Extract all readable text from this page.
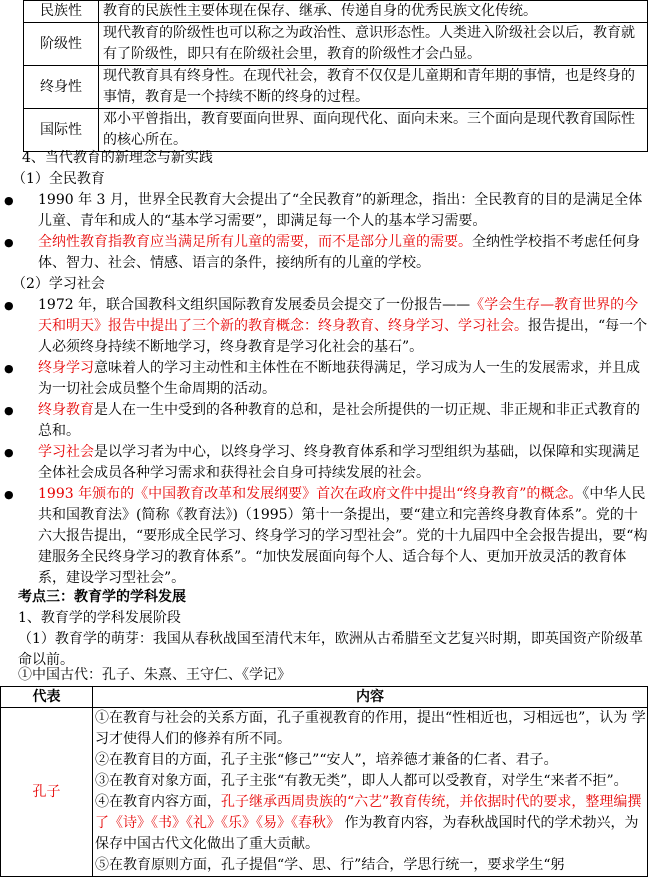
民族性	教育的民族性主要体现在保存、继承、传递自身的优秀民族文化传统。
阶级性	现代教育的阶级性也可以称之为政治性、意识形态性。人类进入阶级社会以后，教育就有了阶级性，即只有在阶级社会里，教育的阶级性才会凸显。
终身性	现代教育具有终身性。在现代社会，教育不仅仅是儿童期和青年期的事情，也是终身的事情，教育是一个持续不断的终身的过程。
国际性	邓小平曾指出，教育要面向世界、面向现代化、面向未来。三个面向是现代教育国际性的核心所在。
4、当代教育的新理念与新实践
（1）全民教育
●	1990 年 3 月，世界全民教育大会提出了“全民教育”的新理念，指出：全民教育的目的是满足全体儿童、青年和成人的“基本学习需要”，即满足每一个人的基本学习需要。
●	全纳性教育指教育应当满足所有儿童的需要，而不是部分儿童的需要。全纳性学校指不考虑任何身体、智力、社会、情感、语言的条件，接纳所有的儿童的学校。
（2）学习社会
●	1972 年，联合国教科文组织国际教育发展委员会提交了一份报告——《学会生存—教育世界的今天和明天》报告中提出了三个新的教育概念：终身教育、终身学习、学习社会。报告提出，“每一个人必须终身持续不断地学习，终身教育是学习化社会的基石”。
●	终身学习意味着人的学习主动性和主体性在不断地获得满足，学习成为人一生的发展需求，并且成为一切社会成员整个生命周期的活动。
●	终身教育是人在一生中受到的各种教育的总和，是社会所提供的一切正规、非正规和非正式教育的总和。
●	学习社会是以学习者为中心，以终身学习、终身教育体系和学习型组织为基础，以保障和实现满足全体社会成员各种学习需求和获得社会自身可持续发展的社会。
●	1993 年颁布的《中国教育改革和发展纲要》首次在政府文件中提出“终身教育”的概念。《中华人民共和国教育法》(简称《教育法》)（1995）第十一条提出，要“建立和完善终身教育体系”。党的十六大报告提出，“要形成全民学习、终身学习的学习型社会”。党的十九届四中全会报告提出，要“构建服务全民终身学习的教育体系”。“加快发展面向每个人、适合每个人、更加开放灵活的教育体系，建设学习型社会”。
考点三：教育学的学科发展
1、教育学的学科发展阶段
（1）教育学的萌芽：我国从春秋战国至清代末年，欧洲从古希腊至文艺复兴时期，即英国资产阶级革命以前。
①中国古代：孔子、朱熹、王守仁、《学记》
代表	内容
孔子	①在教育与社会的关系方面，孔子重视教育的作用，提出“性相近也，习相远也”，认为 学习才使得人们的修养有所不同。
②在教育目的方面，孔子主张“修己”“安人”，培养德才兼备的仁者、君子。
③在教育对象方面，孔子主张“有教无类”，即人人都可以受教育，对学生“来者不拒”。
④在教育内容方面，孔子继承西周贵族的“六艺”教育传统，并依据时代的要求，整理编撰了《诗》《书》《礼》《乐》《易》《春秋》 作为教育内容，为春秋战国时代的学术勃兴，为保存中国古代文化做出了重大贡献。
⑤在教育原则方面，孔子提倡“学、思、行”结合，学思行统一，要求学生“躬
